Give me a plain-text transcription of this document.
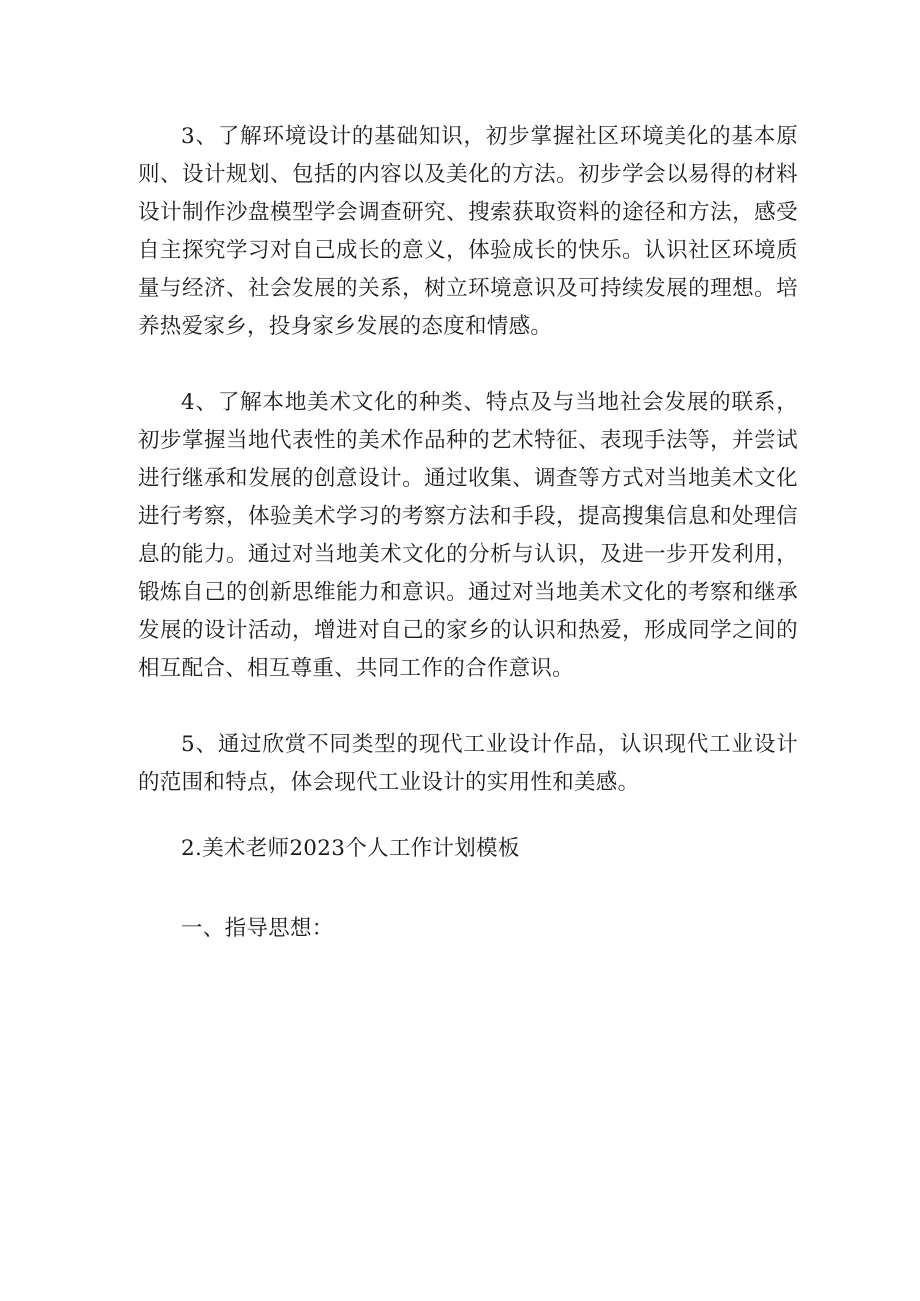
3、了解环境设计的基础知识，初步掌握社区环境美化的基本原则、设计规划、包括的内容以及美化的方法。初步学会以易得的材料设计制作沙盘模型学会调查研究、搜索获取资料的途径和方法，感受自主探究学习对自己成长的意义，体验成长的快乐。认识社区环境质量与经济、社会发展的关系，树立环境意识及可持续发展的理想。培养热爱家乡，投身家乡发展的态度和情感。

4、了解本地美术文化的种类、特点及与当地社会发展的联系，初步掌握当地代表性的美术作品种的艺术特征、表现手法等，并尝试进行继承和发展的创意设计。通过收集、调查等方式对当地美术文化进行考察，体验美术学习的考察方法和手段，提高搜集信息和处理信息的能力。通过对当地美术文化的分析与认识，及进一步开发利用，锻炼自己的创新思维能力和意识。通过对当地美术文化的考察和继承发展的设计活动，增进对自己的家乡的认识和热爱，形成同学之间的相互配合、相互尊重、共同工作的合作意识。

5、通过欣赏不同类型的现代工业设计作品，认识现代工业设计的范围和特点，体会现代工业设计的实用性和美感。

2.美术老师2023个人工作计划模板

一、指导思想：
